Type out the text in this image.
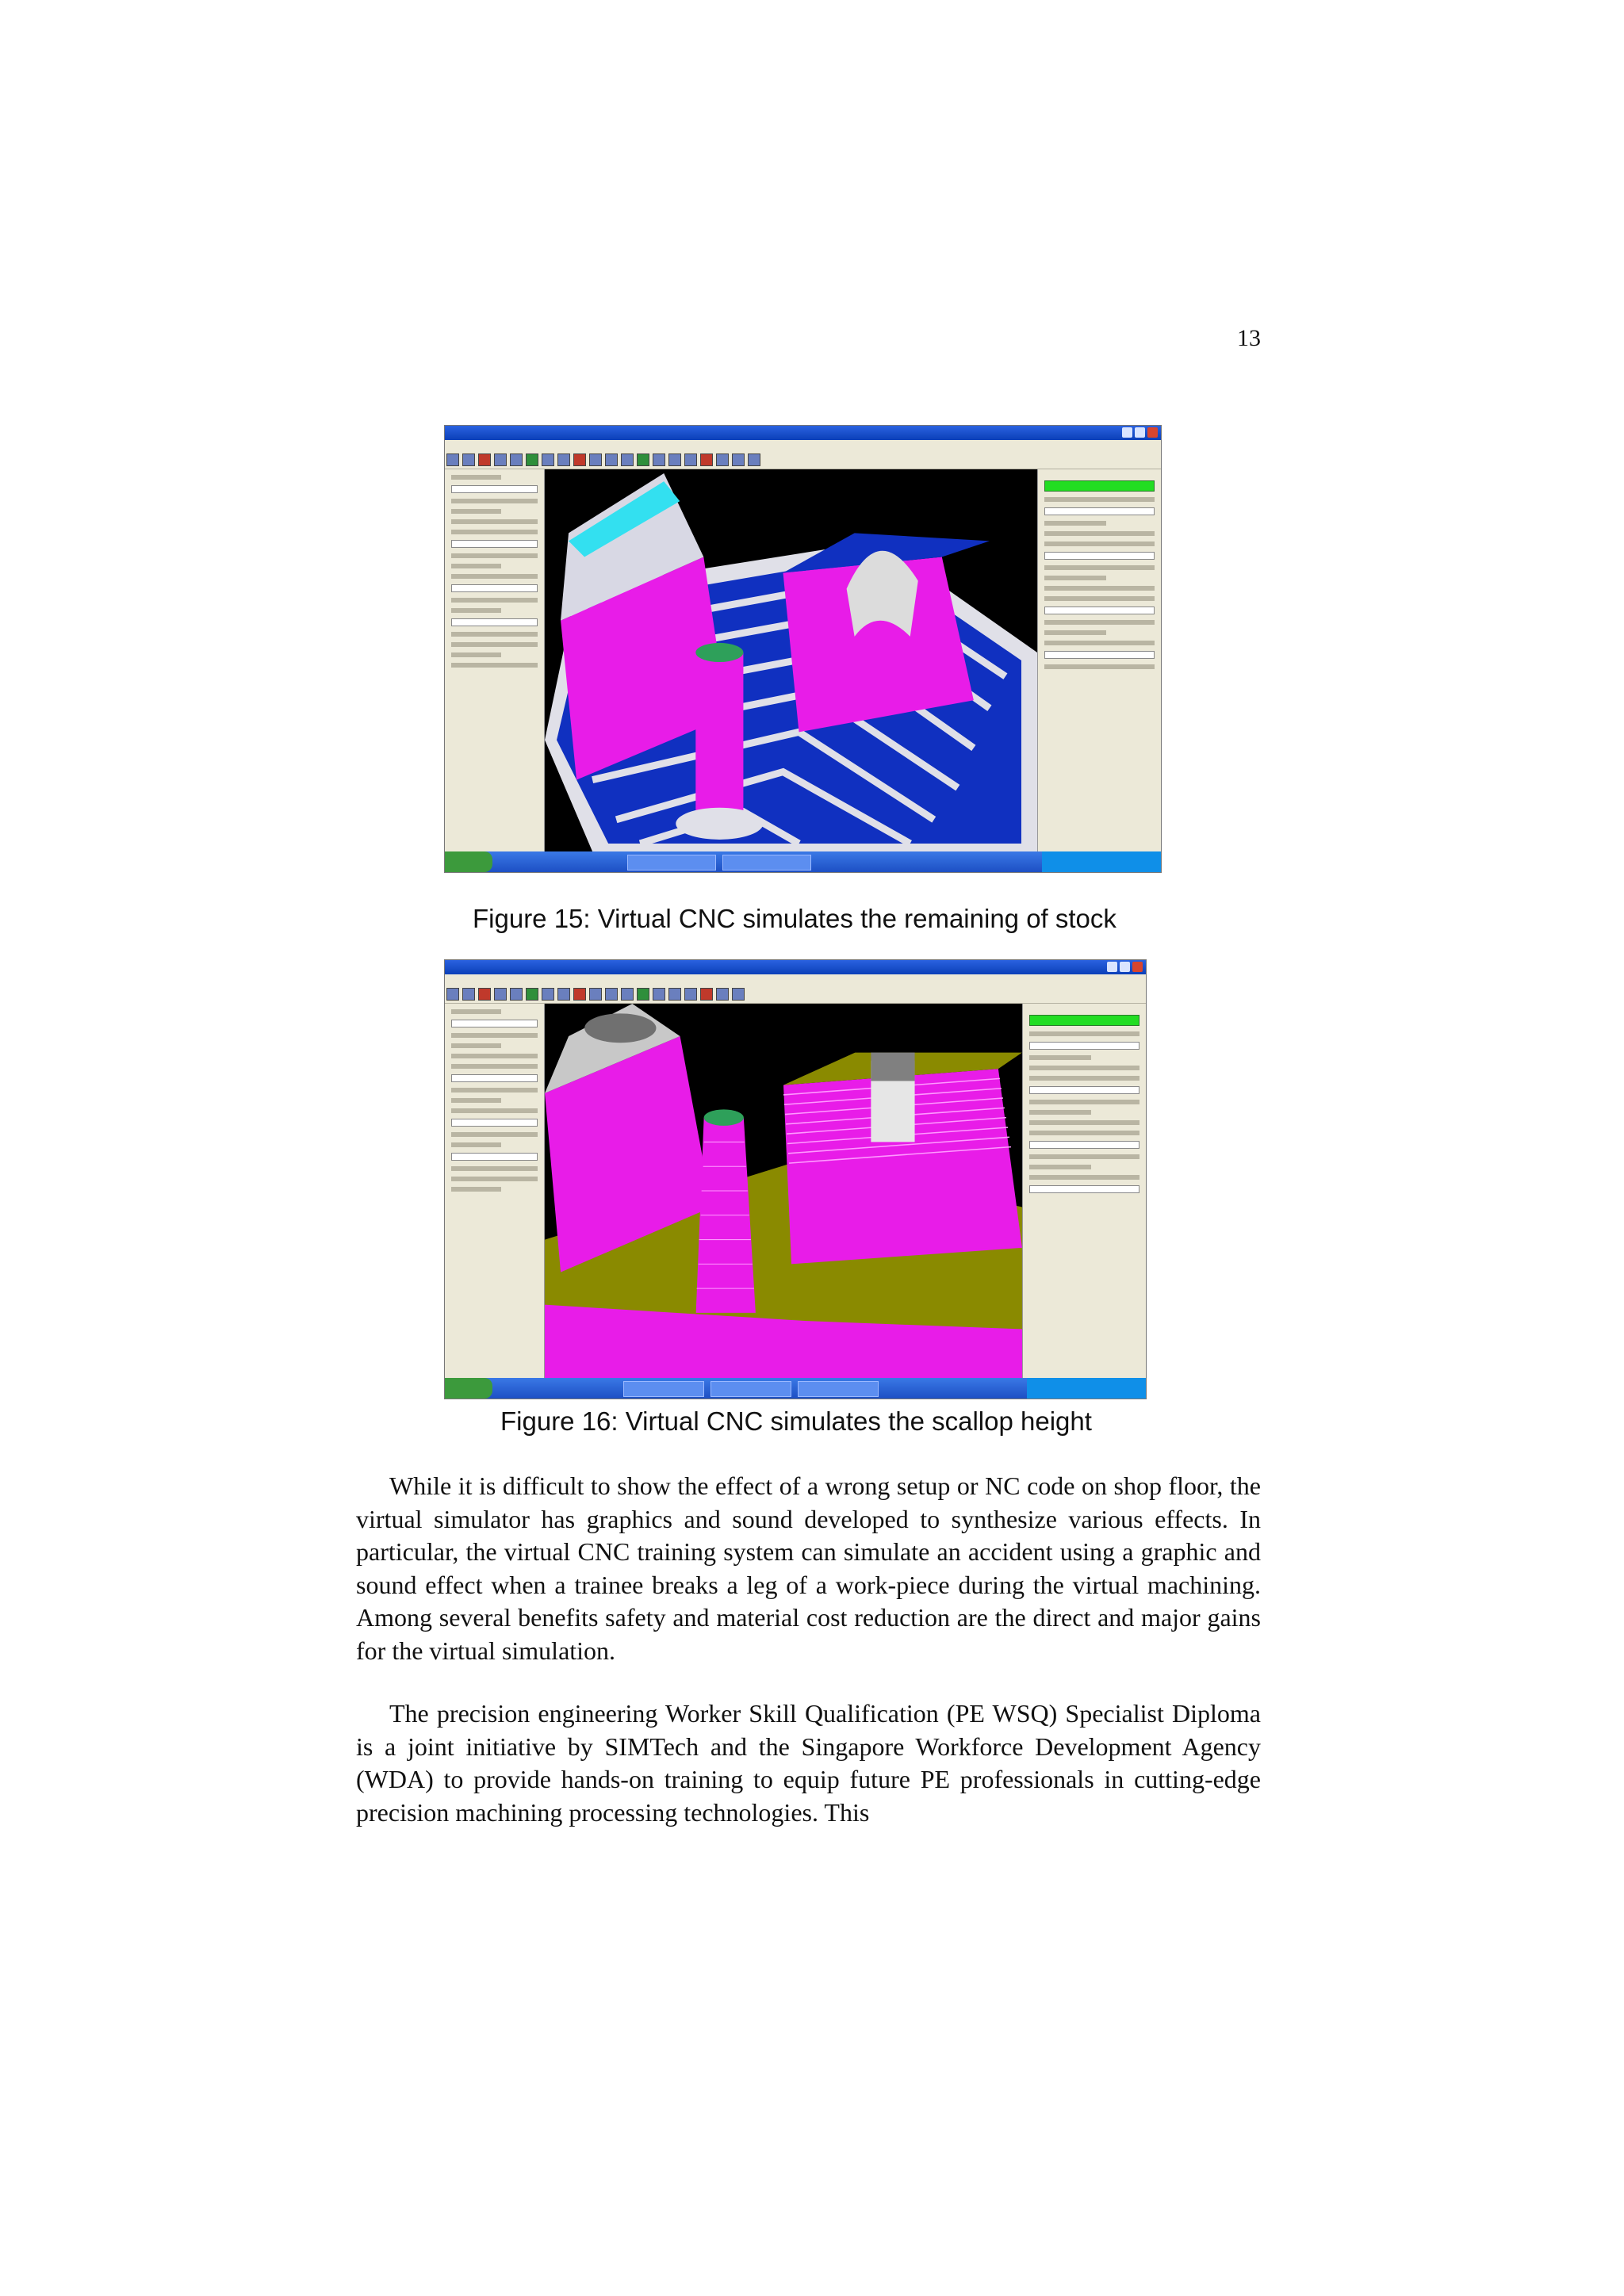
13
Figure 15: Virtual CNC simulates the remaining of stock
Figure 16: Virtual CNC simulates the scallop height

While it is difficult to show the effect of a wrong setup or NC code on shop floor, the virtual simulator has graphics and sound developed to synthesize various effects. In particular, the virtual CNC training system can simulate an accident using a graphic and sound effect when a trainee breaks a leg of a work-piece during the virtual machining. Among several benefits safety and material cost reduction are the direct and major gains for the virtual simulation.

The precision engineering Worker Skill Qualification (PE WSQ) Specialist Diploma is a joint initiative by SIMTech and the Singapore Workforce Development Agency (WDA) to provide hands-on training to equip future PE professionals in cutting-edge precision machining processing technologies. This
